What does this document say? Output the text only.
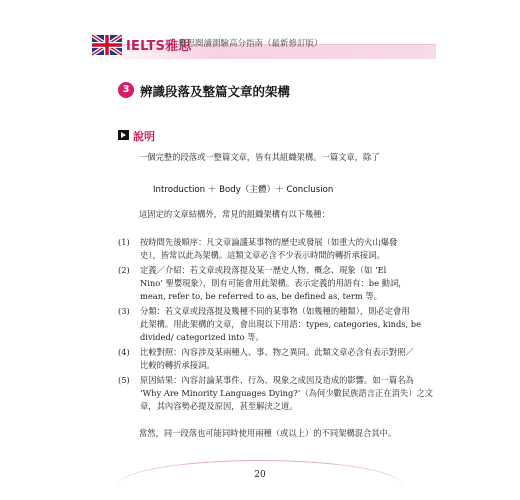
IELTS雅思
雅思閱讀測驗高分指南（最新修訂版）
3 辨識段落及整篇文章的架構
說明
一個完整的段落或一整篇文章，皆有其組織架構。一篇文章，除了
Introduction ＋ Body（主體）＋ Conclusion
這固定的文章結構外，常見的組織架構有以下幾種：
(1) 按時間先後順序：凡文章論議某事物的歷史或發展（如重大的火山爆發
史），皆常以此為架構。這類文章必含不少表示時間的轉折承接詞。
(2) 定義／介紹：若文章或段落提及某一歷史人物、概念、現象（如 ‘El
Nino’ 聖嬰現象），則有可能會用此架構。表示定義的用語有：be 動詞，
mean, refer to, be referred to as, be defined as, term 等。
(3) 分類：若文章或段落提及幾種不同的某事物（如幾種的種類），則必定會用
此架構。用此架構的文章，會出現以下用語：types, categories, kinds, be
divided/ categorized into 等。
(4) 比較對照：內容涉及某兩種人、事、物之異同。此類文章必含有表示對照／
比較的轉折承接詞。
(5) 原因結果：內容討論某事件、行為、現象之成因及造成的影響。如一篇名為
‘Why Are Minority Languages Dying?’（為何少數民族語言正在消失）之文
章，其內容勢必提及原因，甚至解決之道。
當然，同一段落也可能同時使用兩種（或以上）的不同架構混合其中。
20
